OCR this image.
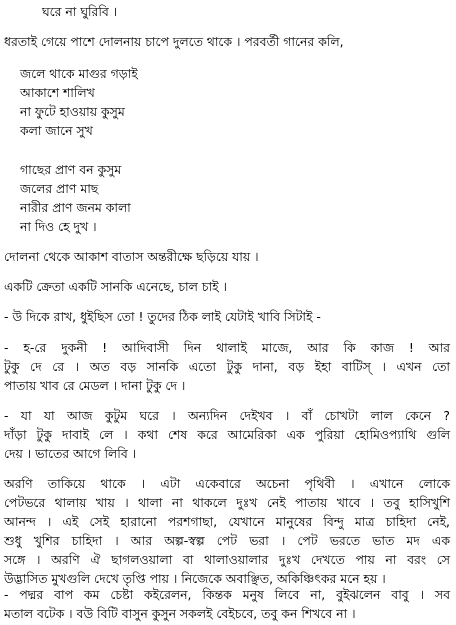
ঘরে না ঘুরিবি ।
ধরতাই গেয়ে পাশে দোলনায় চাপে দুলতে থাকে । পরবর্তী গানের কলি,
জলে থাকে মাগুর গড়াই
আকাশে শালিখ
না ফুটে হাওয়ায় কুসুম
কলা জানে সুখ
গাছের প্রাণ বন কুসুম
জলের প্রাণ মাছ
নারীর প্রাণ জনম কালা
না দিও হে দুখ ।
দোলনা থেকে আকাশ বাতাস অন্তরীক্ষে ছড়িয়ে যায় ।
একটি ক্রেতা একটি সানকি এনেছে, চাল চাই ।
- উ দিকে রাখ, ধুইছিস তো ! তুদের ঠিক লাই যেটাই খাবি সিটাই -
- হ-রে দুকনী ! আদিবাসী দিন থালাই মাজে, আর কি কাজ ! আর
টুকু দে রে । অত বড় সানকি এতো টুকু দানা, বড় ইহা বাটিস্ । এখন তো
পাতায় খাব রে মেডল । দানা টুকু দে ।
- যা যা আজ কুটুম ঘরে । অন্যদিন দেইখব । বাঁ চোখটা লাল কেনে ?
দাঁড়া টুকু দাবাই লে । কথা শেষ করে আমেরিকা এক পুরিয়া হোমিওপ্যাথি গুলি
দেয় । ভাতের আগে লিবি ।
অরণি তাকিয়ে থাকে । এটা একেবারে অচেনা পৃথিবী । এখানে লোকে
পেটভরে থালায় খায় । থালা না থাকলে দুঃখ নেই পাতায় খাবে । তবু হাসিখুশি
আনন্দ । এই সেই হারানো পরশগাছা, যেখানে মানুষের বিন্দু মাত্র চাহিদা নেই,
শুধু খুশির চাহিদা । আর অল্প-স্বল্প পেট ভরা । পেট ভরতে ভাত মদ এক
সঙ্গে । অরণি ঐ ছাগলওয়ালা বা থালাওয়ালার দুঃখ দেখতে পায় না বরং সে
উদ্ভাসিত মুখগুলি দেখে তৃপ্তি পায় । নিজেকে অবাঞ্ছিত, অকিঞ্চিৎকর মনে হয় ।
- পদ্মর বাপ কম চেষ্টা কইরেলন, কিন্তক মনুষ লিবে না, বুইঝলেন বাবু । সব
মতাল বটেক । বউ বিটি বাসুন কুসুন সকলই বেইচবে, তবু কন শিখবে না ।
